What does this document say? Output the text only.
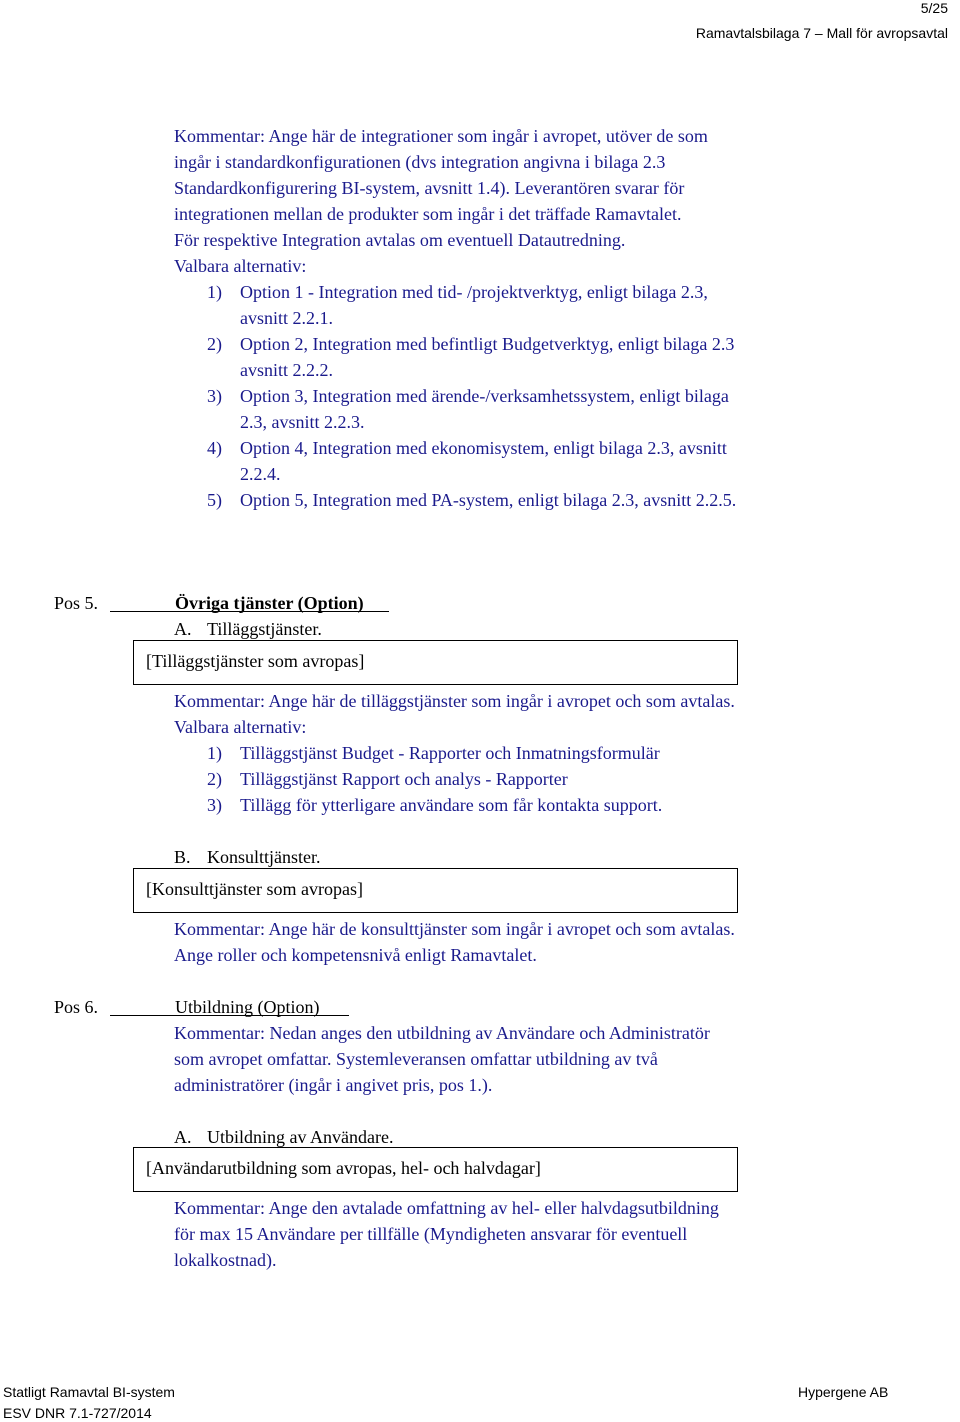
5/25
Ramavtalsbilaga 7 – Mall för avropsavtal
Kommentar: Ange här de integrationer som ingår i avropet, utöver de som
ingår i standardkonfigurationen (dvs integration angivna i bilaga 2.3
Standardkonfigurering BI-system, avsnitt 1.4). Leverantören svarar för
integrationen mellan de produkter som ingår i det träffade Ramavtalet.
För respektive Integration avtalas om eventuell Datautredning.
Valbara alternativ:
1) Option 1 - Integration med tid- /projektverktyg, enligt bilaga 2.3,
avsnitt 2.2.1.
2) Option 2, Integration med befintligt Budgetverktyg, enligt bilaga 2.3
avsnitt 2.2.2.
3) Option 3, Integration med ärende-/verksamhetssystem, enligt bilaga
2.3, avsnitt 2.2.3.
4) Option 4, Integration med ekonomisystem, enligt bilaga 2.3, avsnitt
2.2.4.
5) Option 5, Integration med PA-system, enligt bilaga 2.3, avsnitt 2.2.5.
Pos 5.	Övriga tjänster (Option)
A. Tilläggstjänster.
[Tilläggstjänster som avropas]
Kommentar: Ange här de tilläggstjänster som ingår i avropet och som avtalas.
Valbara alternativ:
1) Tilläggstjänst Budget - Rapporter och Inmatningsformulär
2) Tilläggstjänst Rapport och analys - Rapporter
3) Tillägg för ytterligare användare som får kontakta support.
B. Konsulttjänster.
[Konsulttjänster som avropas]
Kommentar: Ange här de konsulttjänster som ingår i avropet och som avtalas.
Ange roller och kompetensnivå enligt Ramavtalet.
Pos 6.	Utbildning (Option)
Kommentar: Nedan anges den utbildning av Användare och Administratör
som avropet omfattar. Systemleveransen omfattar utbildning av två
administratörer (ingår i angivet pris, pos 1.).
A. Utbildning av Användare.
[Användarutbildning som avropas, hel- och halvdagar]
Kommentar: Ange den avtalade omfattning av hel- eller halvdagsutbildning
för max 15 Användare per tillfälle (Myndigheten ansvarar för eventuell
lokalkostnad).
Statligt Ramavtal BI-system
ESV DNR 7.1-727/2014
Hypergene AB
